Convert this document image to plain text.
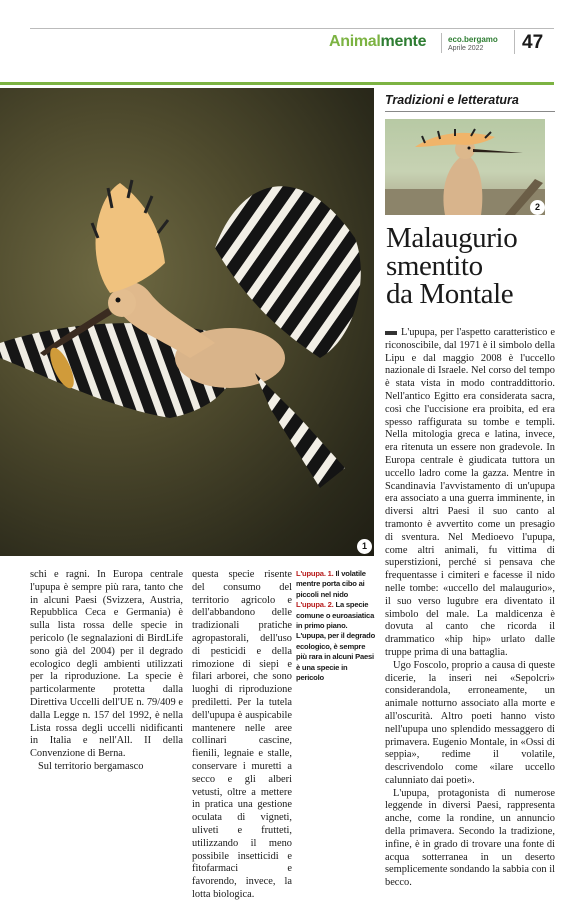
Animalmente	eco.bergamo
Aprile 2022 47
1
Tradizioni e letteratura
2
Malaugurio
smentito
da Montale

L'upupa, per l'aspetto caratteristico e riconoscibile, dal 1971 è il simbolo della Lipu e dal maggio 2008 è l'uccello nazionale di Israele. Nel corso del tempo è stata vista in modo contraddittorio. Nell'antico Egitto era considerata sacra, così che l'uccisione era proibita, ed era spesso raffigurata su tombe e templi. Nella mitologia greca e latina, invece, era ritenuta un essere non gradevole. In Europa centrale è giudicata tuttora un uccello ladro come la gazza. Mentre in Scandinavia l'avvistamento di un'upupa era associato a una guerra imminente, in diversi altri Paesi il suo canto al tramonto è avvertito come un presagio di sventura. Nel Medioevo l'upupa, come altri animali, fu vittima di superstizioni, perché si pensava che frequentasse i cimiteri e facesse il nido nelle tombe: «uccello del malaugurio», il suo verso lugubre era diventato il simbolo del male. La maldicenza è dovuta al canto che ricorda il drammatico «hip hip» urlato dalle truppe prima di una battaglia.

Ugo Foscolo, proprio a causa di queste dicerie, la inserì nei «Sepolcri» considerandola, erroneamente, un animale notturno associato alla morte e all'oscurità. Altro poeti hanno visto nell'upupa uno splendido messaggero di primavera. Eugenio Montale, in «Ossi di seppia», redime il volatile, descrivendolo come «ilare uccello calunniato dai poeti».

L'upupa, protagonista di numerose leggende in diversi Paesi, rappresenta anche, come la rondine, un annuncio della primavera. Secondo la tradizione, infine, è in grado di trovare una fonte di acqua sotterranea in un deserto semplicemente sondando la sabbia con il becco.

schi e ragni. In Europa centrale l'upupa è sempre più rara, tanto che in alcuni Paesi (Svizzera, Austria, Repubblica Ceca e Germania) è sulla lista rossa delle specie in pericolo (le segnalazioni di BirdLife sono già del 2004) per il degrado ecologico degli ambienti utilizzati per la riproduzione. La specie è particolarmente protetta dalla Direttiva Uccelli dell'UE n. 79/409 e dalla Legge n. 157 del 1992, è nella Lista rossa degli uccelli nidificanti in Italia e nell'All. II della Convenzione di Berna.

Sul territorio bergamasco

questa specie risente del consumo del territorio agricolo e dell'abbandono delle tradizionali pratiche agropastorali, dell'uso di pesticidi e della rimozione di siepi e filari arborei, che sono luoghi di riproduzione prediletti. Per la tutela dell'upupa è auspicabile mantenere nelle aree collinari cascine, fienili, legnaie e stalle, conservare i muretti a secco e gli alberi vetusti, oltre a mettere in pratica una gestione oculata di vigneti, uliveti e frutteti, utilizzando il meno possibile insetticidi e fitofarmaci e favorendo, invece, la lotta biologica.

L'upupa. 1. Il volatile mentre porta cibo ai piccoli nel nido
L'upupa. 2. La specie comune o euroasiatica in primo piano.
L'upupa, per il degrado ecologico, è sempre più rara in alcuni Paesi è una specie in pericolo
